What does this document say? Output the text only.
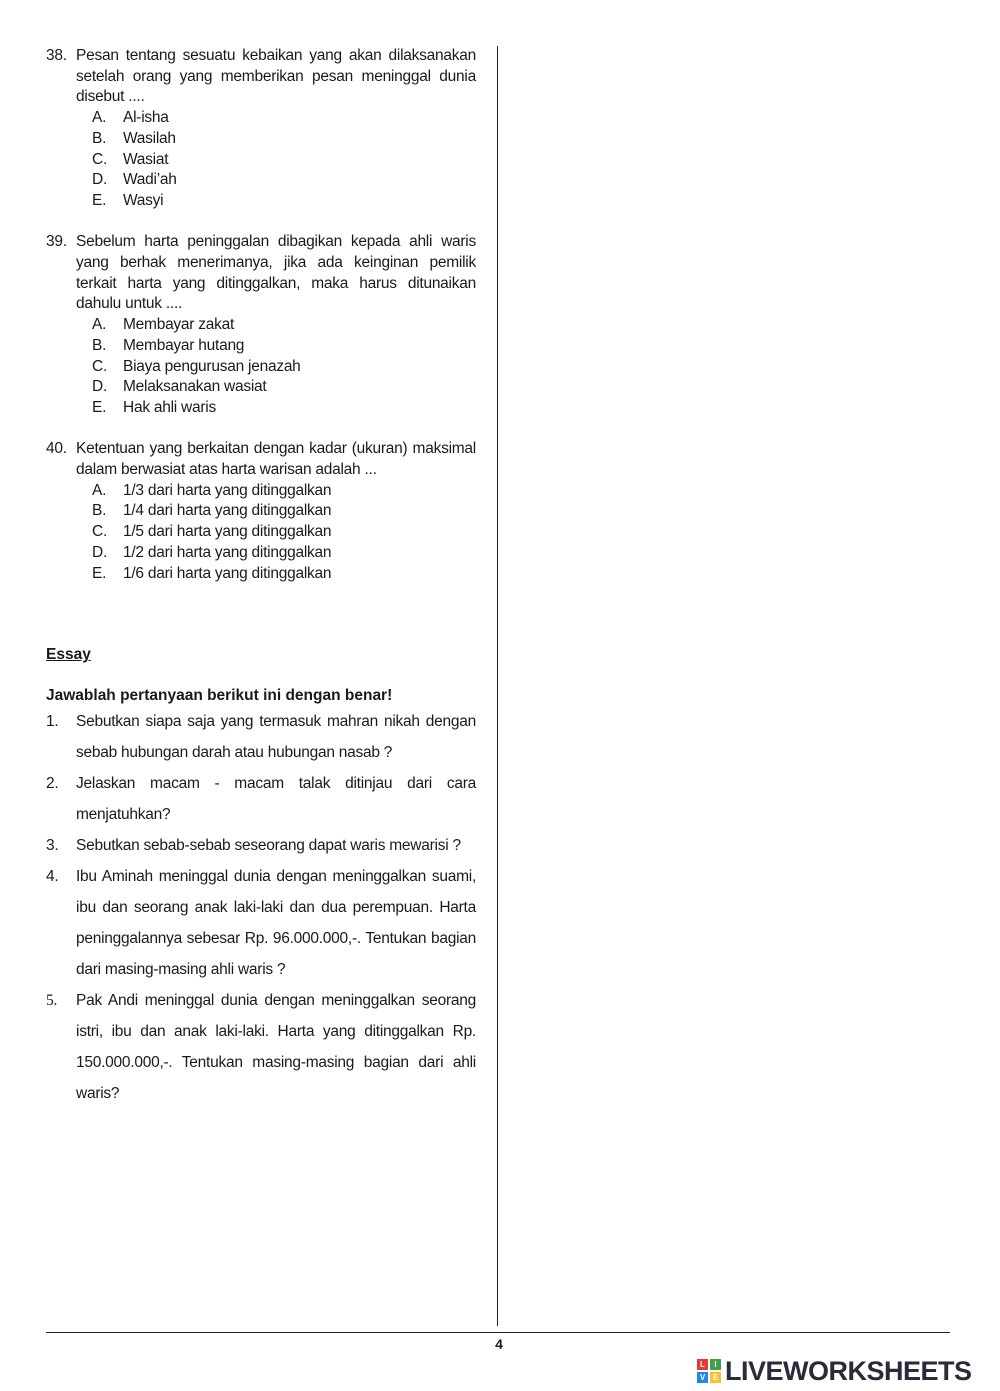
38. Pesan tentang sesuatu kebaikan yang akan dilaksanakan setelah orang yang memberikan pesan meninggal dunia disebut ....
A.	Al-isha
B.	Wasilah
C.	Wasiat
D.	Wadi’ah
E.	Wasyi
39. Sebelum harta peninggalan dibagikan kepada ahli waris yang berhak menerimanya, jika ada keinginan pemilik terkait harta yang ditinggalkan, maka harus ditunaikan dahulu untuk ....
A.	Membayar zakat
B.	Membayar hutang
C.	Biaya pengurusan jenazah
D.	Melaksanakan wasiat
E.	Hak ahli waris
40. Ketentuan yang berkaitan dengan kadar (ukuran) maksimal dalam berwasiat atas harta warisan adalah ...
A.	1/3 dari harta yang ditinggalkan
B.	1/4 dari harta yang ditinggalkan
C.	1/5 dari harta yang ditinggalkan
D.	1/2 dari harta yang ditinggalkan
E.	1/6 dari harta yang ditinggalkan
Essay
Jawablah pertanyaan berikut ini dengan benar!
1.	Sebutkan siapa saja yang termasuk mahran nikah dengan sebab hubungan darah atau hubungan nasab ?
2.	Jelaskan macam - macam talak ditinjau dari cara menjatuhkan?
3.	Sebutkan sebab-sebab seseorang dapat waris mewarisi ?
4.	Ibu Aminah meninggal dunia dengan meninggalkan suami, ibu dan seorang anak laki-laki dan dua perempuan. Harta peninggalannya sebesar Rp. 96.000.000,-. Tentukan bagian dari masing-masing ahli waris ?
5.	Pak Andi meninggal dunia dengan meninggalkan seorang istri, ibu dan anak laki-laki. Harta yang ditinggalkan Rp. 150.000.000,-. Tentukan masing-masing bagian dari ahli waris?
4
L	I
V E LIVEWORKSHEETS
